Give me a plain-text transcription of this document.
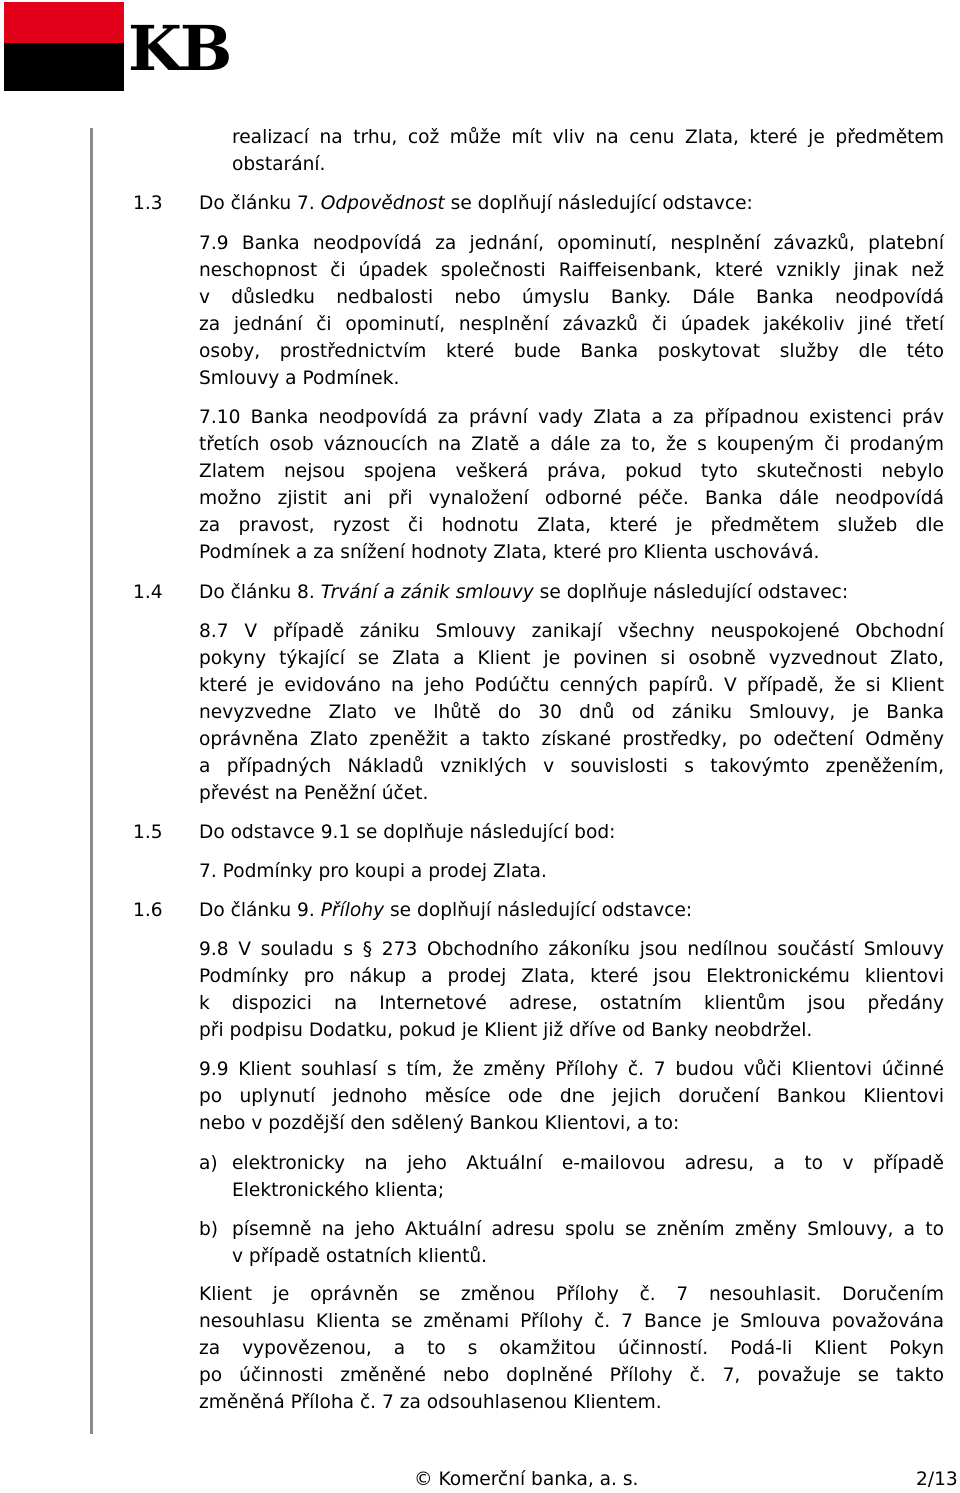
KB
realizací na trhu, což může mít vliv na cenu Zlata, které je předmětem
obstarání.
1.3 Do článku 7. Odpovědnost se doplňují následující odstavce:
7.9 Banka neodpovídá za jednání, opominutí, nesplnění závazků, platební
neschopnost či úpadek společnosti Raiffeisenbank, které vznikly jinak než
v důsledku nedbalosti nebo úmyslu Banky. Dále Banka neodpovídá
za jednání či opominutí, nesplnění závazků či úpadek jakékoliv jiné třetí
osoby, prostřednictvím které bude Banka poskytovat služby dle této
Smlouvy a Podmínek.
7.10 Banka neodpovídá za právní vady Zlata a za případnou existenci práv
třetích osob váznoucích na Zlatě a dále za to, že s koupeným či prodaným
Zlatem nejsou spojena veškerá práva, pokud tyto skutečnosti nebylo
možno zjistit ani při vynaložení odborné péče. Banka dále neodpovídá
za pravost, ryzost či hodnotu Zlata, které je předmětem služeb dle
Podmínek a za snížení hodnoty Zlata, které pro Klienta uschovává.
1.4 Do článku 8. Trvání a zánik smlouvy se doplňuje následující odstavec:
8.7 V případě zániku Smlouvy zanikají všechny neuspokojené Obchodní
pokyny týkající se Zlata a Klient je povinen si osobně vyzvednout Zlato,
které je evidováno na jeho Podúčtu cenných papírů. V případě, že si Klient
nevyzvedne Zlato ve lhůtě do 30 dnů od zániku Smlouvy, je Banka
oprávněna Zlato zpeněžit a takto získané prostředky, po odečtení Odměny
a případných Nákladů vzniklých v souvislosti s takovýmto zpeněžením,
převést na Peněžní účet.
1.5 Do odstavce 9.1 se doplňuje následující bod:
7. Podmínky pro koupi a prodej Zlata.
1.6 Do článku 9. Přílohy se doplňují následující odstavce:
9.8 V souladu s § 273 Obchodního zákoníku jsou nedílnou součástí Smlouvy
Podmínky pro nákup a prodej Zlata, které jsou Elektronickému klientovi
k dispozici na Internetové adrese, ostatním klientům jsou předány
při podpisu Dodatku, pokud je Klient již dříve od Banky neobdržel.
9.9 Klient souhlasí s tím, že změny Přílohy č. 7 budou vůči Klientovi účinné
po uplynutí jednoho měsíce ode dne jejich doručení Bankou Klientovi
nebo v pozdější den sdělený Bankou Klientovi, a to:
a) elektronicky na jeho Aktuální e-mailovou adresu, a to v případě
Elektronického klienta;
b) písemně na jeho Aktuální adresu spolu se zněním změny Smlouvy, a to
v případě ostatních klientů.
Klient je oprávněn se změnou Přílohy č. 7 nesouhlasit. Doručením
nesouhlasu Klienta se změnami Přílohy č. 7 Bance je Smlouva považována
za vypovězenou, a to s okamžitou účinností. Podá-li Klient Pokyn
po účinnosti změněné nebo doplněné Přílohy č. 7, považuje se takto
změněná Příloha č. 7 za odsouhlasenou Klientem.
© Komerční banka, a. s.	2/13
